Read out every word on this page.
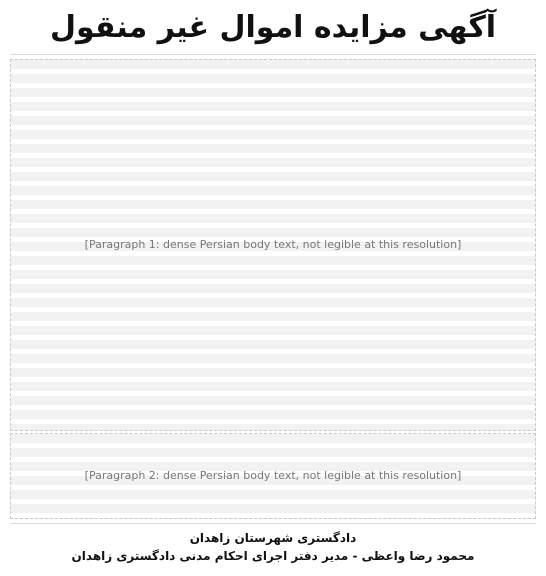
آگهی مزایده اموال غیر منقول
[Paragraph 1: dense Persian body text, not legible at this resolution]
[Paragraph 2: dense Persian body text, not legible at this resolution]
دادگستری شهرستان زاهدان
محمود رضا واعظی - مدیر دفتر اجرای احکام مدنی دادگستری زاهدان
